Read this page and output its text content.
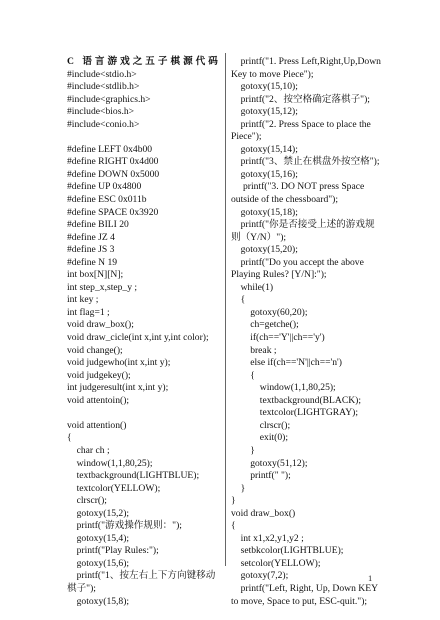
C 语言游戏之五子棋源代码
#include<stdio.h>
#include<stdlib.h>
#include<graphics.h>
#include<bios.h>
#include<conio.h>
#define LEFT 0x4b00
#define RIGHT 0x4d00
#define DOWN 0x5000
#define UP 0x4800
#define ESC 0x011b
#define SPACE 0x3920
#define BILI 20
#define JZ 4
#define JS 3
#define N 19
int box[N][N];
int step_x,step_y ;
int key ;
int flag=1 ;
void draw_box();
void draw_cicle(int x,int y,int color);
void change();
void judgewho(int x,int y);
void judgekey();
int judgeresult(int x,int y);
void attentoin();
void attention()
{
char ch ;
window(1,1,80,25);
textbackground(LIGHTBLUE);
textcolor(YELLOW);
clrscr();
gotoxy(15,2);
printf("游戏操作规则：");
gotoxy(15,4);
printf("Play Rules:");
gotoxy(15,6);
printf("1、按左右上下方向键移动
棋子");
gotoxy(15,8);
printf("1. Press Left,Right,Up,Down
Key to move Piece");
gotoxy(15,10);
printf("2、按空格确定落棋子");
gotoxy(15,12);
printf("2. Press Space to place the
Piece");
gotoxy(15,14);
printf("3、禁止在棋盘外按空格");
gotoxy(15,16);
printf("3. DO NOT press Space
outside of the chessboard");
gotoxy(15,18);
printf("你是否接受上述的游戏规
则（Y/N）");
gotoxy(15,20);
printf("Do you accept the above
Playing Rules? [Y/N]:");
while(1)
{
gotoxy(60,20);
ch=getche();
if(ch=='Y'||ch=='y')
break ;
else if(ch=='N'||ch=='n')
{
window(1,1,80,25);
textbackground(BLACK);
textcolor(LIGHTGRAY);
clrscr();
exit(0);
}
gotoxy(51,12);
printf(" ");
}
}
void draw_box()
{
int x1,x2,y1,y2 ;
setbkcolor(LIGHTBLUE);
setcolor(YELLOW);
gotoxy(7,2);
printf("Left, Right, Up, Down KEY
to move, Space to put, ESC-quit.");
1
